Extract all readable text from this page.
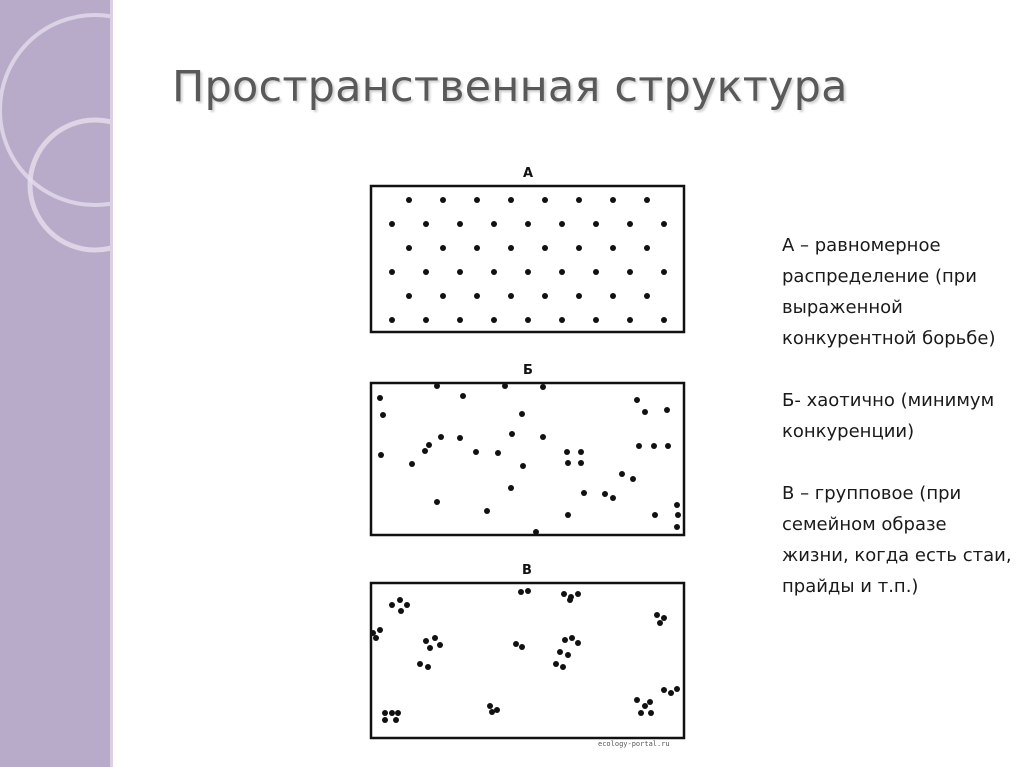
Пространственная структура
А
Б
В

А – равномерное распределение (при выраженной конкурентной борьбе)

Б- хаотично (минимум конкуренции)

В – групповое (при семейном образе жизни, когда есть стаи, прайды и т.п.)

ecology-portal.ru
